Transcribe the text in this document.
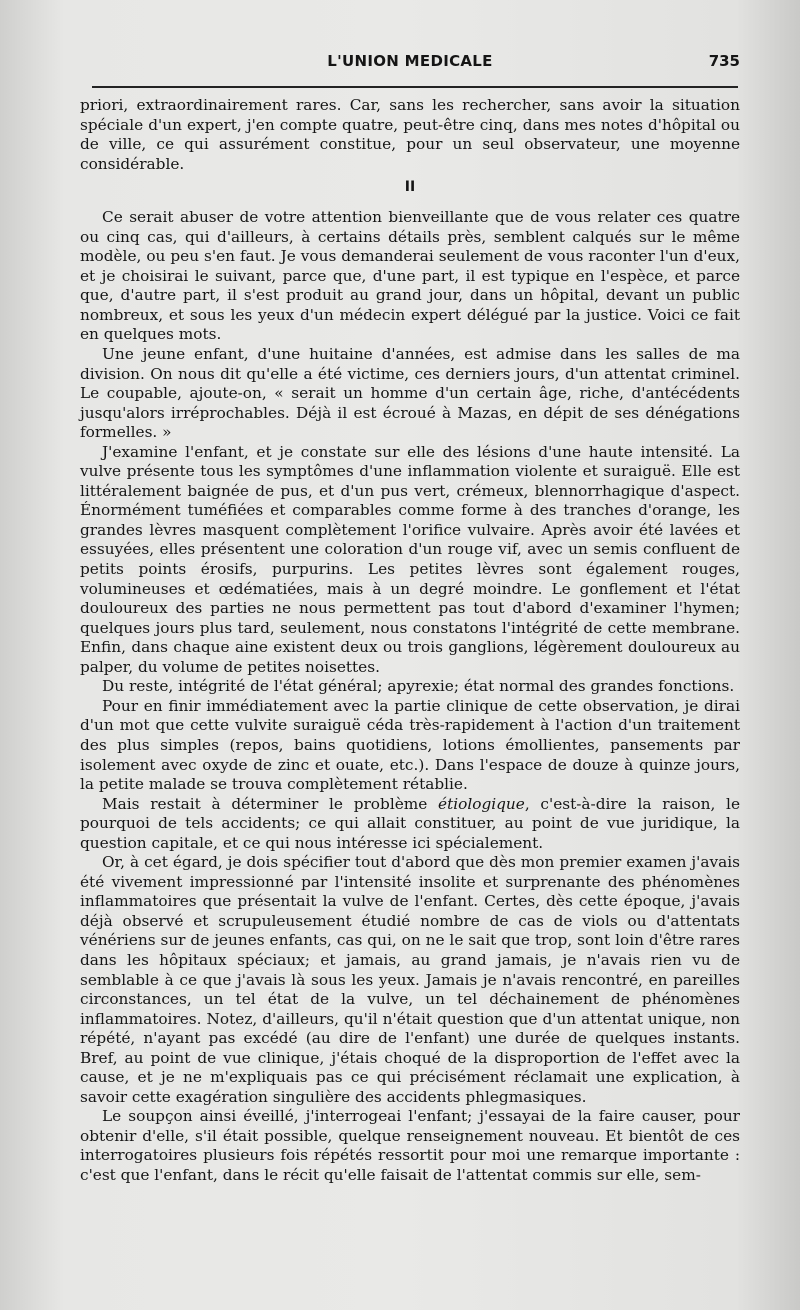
L'UNION MEDICALE	735

priori, extraordinairement rares. Car, sans les rechercher, sans avoir la situation spéciale d'un expert, j'en compte quatre, peut-être cinq, dans mes notes d'hôpital ou de ville, ce qui assurément constitue, pour un seul observateur, une moyenne considérable.

II

Ce serait abuser de votre attention bienveillante que de vous relater ces quatre ou cinq cas, qui d'ailleurs, à certains détails près, semblent calqués sur le même modèle, ou peu s'en faut. Je vous demanderai seulement de vous raconter l'un d'eux, et je choisirai le suivant, parce que, d'une part, il est typique en l'espèce, et parce que, d'autre part, il s'est produit au grand jour, dans un hôpital, devant un public nombreux, et sous les yeux d'un médecin expert délégué par la justice. Voici ce fait en quelques mots.

Une jeune enfant, d'une huitaine d'années, est admise dans les salles de ma division. On nous dit qu'elle a été victime, ces derniers jours, d'un attentat criminel. Le coupable, ajoute-on, « serait un homme d'un certain âge, riche, d'antécédents jusqu'alors irréprochables. Déjà il est écroué à Mazas, en dépit de ses dénégations formelles. »

J'examine l'enfant, et je constate sur elle des lésions d'une haute intensité. La vulve présente tous les symptômes d'une inflammation violente et suraiguë. Elle est littéralement baignée de pus, et d'un pus vert, crémeux, blennorrhagique d'aspect. Énormément tuméfiées et comparables comme forme à des tranches d'orange, les grandes lèvres masquent complètement l'orifice vulvaire. Après avoir été lavées et essuyées, elles présentent une coloration d'un rouge vif, avec un semis confluent de petits points érosifs, purpurins. Les petites lèvres sont également rouges, volumineuses et œdématiées, mais à un degré moindre. Le gonflement et l'état douloureux des parties ne nous permettent pas tout d'abord d'examiner l'hymen; quelques jours plus tard, seulement, nous constatons l'intégrité de cette membrane. Enfin, dans chaque aine existent deux ou trois ganglions, légèrement douloureux au palper, du volume de petites noisettes.

Du reste, intégrité de l'état général; apyrexie; état normal des grandes fonctions.

Pour en finir immédiatement avec la partie clinique de cette observation, je dirai d'un mot que cette vulvite suraiguë céda très-rapidement à l'action d'un traitement des plus simples (repos, bains quotidiens, lotions émollientes, pansements par isolement avec oxyde de zinc et ouate, etc.). Dans l'espace de douze à quinze jours, la petite malade se trouva complètement rétablie.

Mais restait à déterminer le problème étiologique, c'est-à-dire la raison, le pourquoi de tels accidents; ce qui allait constituer, au point de vue juridique, la question capitale, et ce qui nous intéresse ici spécialement.

Or, à cet égard, je dois spécifier tout d'abord que dès mon premier examen j'avais été vivement impressionné par l'intensité insolite et surprenante des phénomènes inflammatoires que présentait la vulve de l'enfant. Certes, dès cette époque, j'avais déjà observé et scrupuleusement étudié nombre de cas de viols ou d'attentats vénériens sur de jeunes enfants, cas qui, on ne le sait que trop, sont loin d'être rares dans les hôpitaux spéciaux; et jamais, au grand jamais, je n'avais rien vu de semblable à ce que j'avais là sous les yeux. Jamais je n'avais rencontré, en pareilles circonstances, un tel état de la vulve, un tel déchainement de phénomènes inflammatoires. Notez, d'ailleurs, qu'il n'était question que d'un attentat unique, non répété, n'ayant pas excédé (au dire de l'enfant) une durée de quelques instants. Bref, au point de vue clinique, j'étais choqué de la disproportion de l'effet avec la cause, et je ne m'expliquais pas ce qui précisément réclamait une explication, à savoir cette exagération singulière des accidents phlegmasiques.

Le soupçon ainsi éveillé, j'interrogeai l'enfant; j'essayai de la faire causer, pour obtenir d'elle, s'il était possible, quelque renseignement nouveau. Et bientôt de ces interrogatoires plusieurs fois répétés ressortit pour moi une remarque importante : c'est que l'enfant, dans le récit qu'elle faisait de l'attentat commis sur elle, sem-
